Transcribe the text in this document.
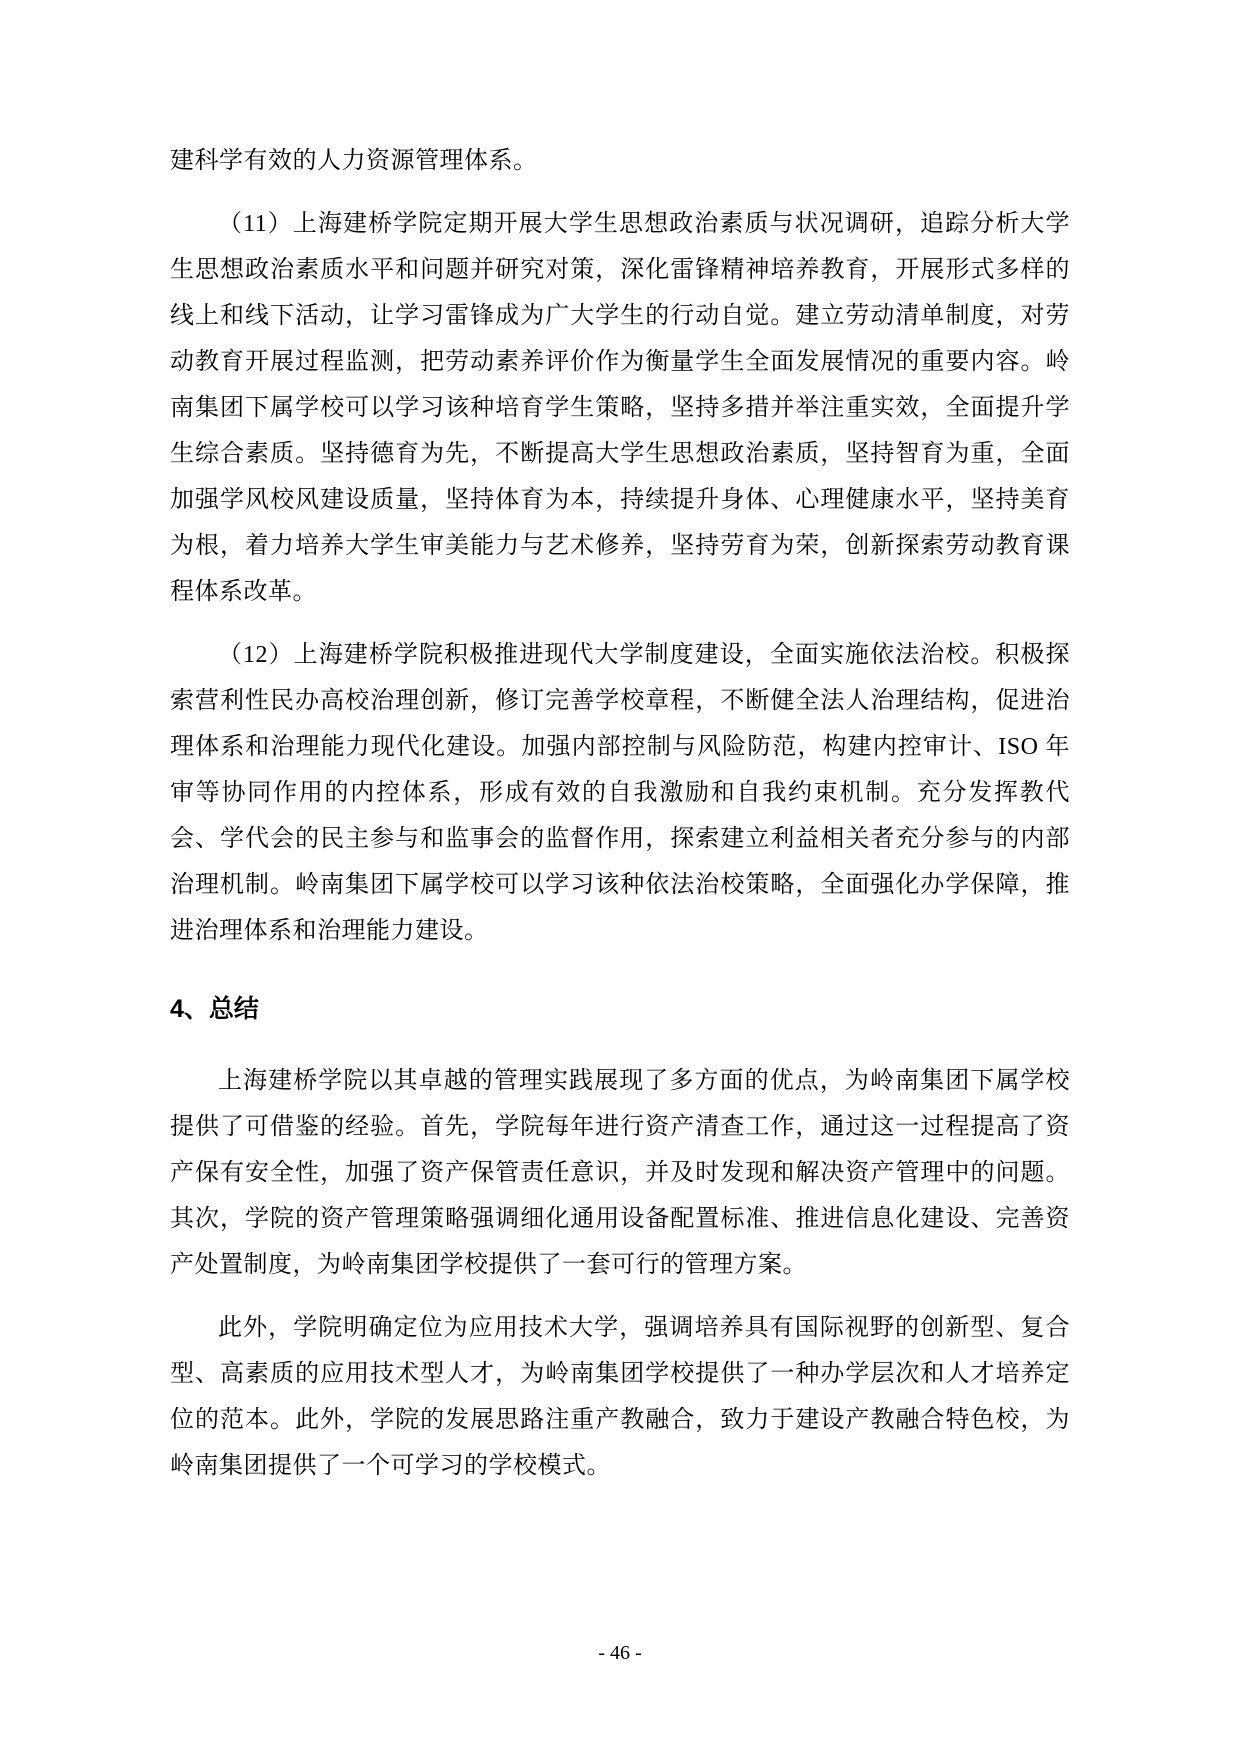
建科学有效的人力资源管理体系。

（11）上海建桥学院定期开展大学生思想政治素质与状况调研，追踪分析大学生思想政治素质水平和问题并研究对策，深化雷锋精神培养教育，开展形式多样的线上和线下活动，让学习雷锋成为广大学生的行动自觉。建立劳动清单制度，对劳动教育开展过程监测，把劳动素养评价作为衡量学生全面发展情况的重要内容。岭南集团下属学校可以学习该种培育学生策略，坚持多措并举注重实效，全面提升学生综合素质。坚持德育为先，不断提高大学生思想政治素质，坚持智育为重，全面加强学风校风建设质量，坚持体育为本，持续提升身体、心理健康水平，坚持美育为根，着力培养大学生审美能力与艺术修养，坚持劳育为荣，创新探索劳动教育课程体系改革。

（12）上海建桥学院积极推进现代大学制度建设，全面实施依法治校。积极探索营利性民办高校治理创新，修订完善学校章程，不断健全法人治理结构，促进治理体系和治理能力现代化建设。加强内部控制与风险防范，构建内控审计、ISO 年审等协同作用的内控体系，形成有效的自我激励和自我约束机制。充分发挥教代会、学代会的民主参与和监事会的监督作用，探索建立利益相关者充分参与的内部治理机制。岭南集团下属学校可以学习该种依法治校策略，全面强化办学保障，推进治理体系和治理能力建设。

4、总结

上海建桥学院以其卓越的管理实践展现了多方面的优点，为岭南集团下属学校提供了可借鉴的经验。首先，学院每年进行资产清查工作，通过这一过程提高了资产保有安全性，加强了资产保管责任意识，并及时发现和解决资产管理中的问题。其次，学院的资产管理策略强调细化通用设备配置标准、推进信息化建设、完善资产处置制度，为岭南集团学校提供了一套可行的管理方案。

此外，学院明确定位为应用技术大学，强调培养具有国际视野的创新型、复合型、高素质的应用技术型人才，为岭南集团学校提供了一种办学层次和人才培养定位的范本。此外，学院的发展思路注重产教融合，致力于建设产教融合特色校，为岭南集团提供了一个可学习的学校模式。

- 46 -
